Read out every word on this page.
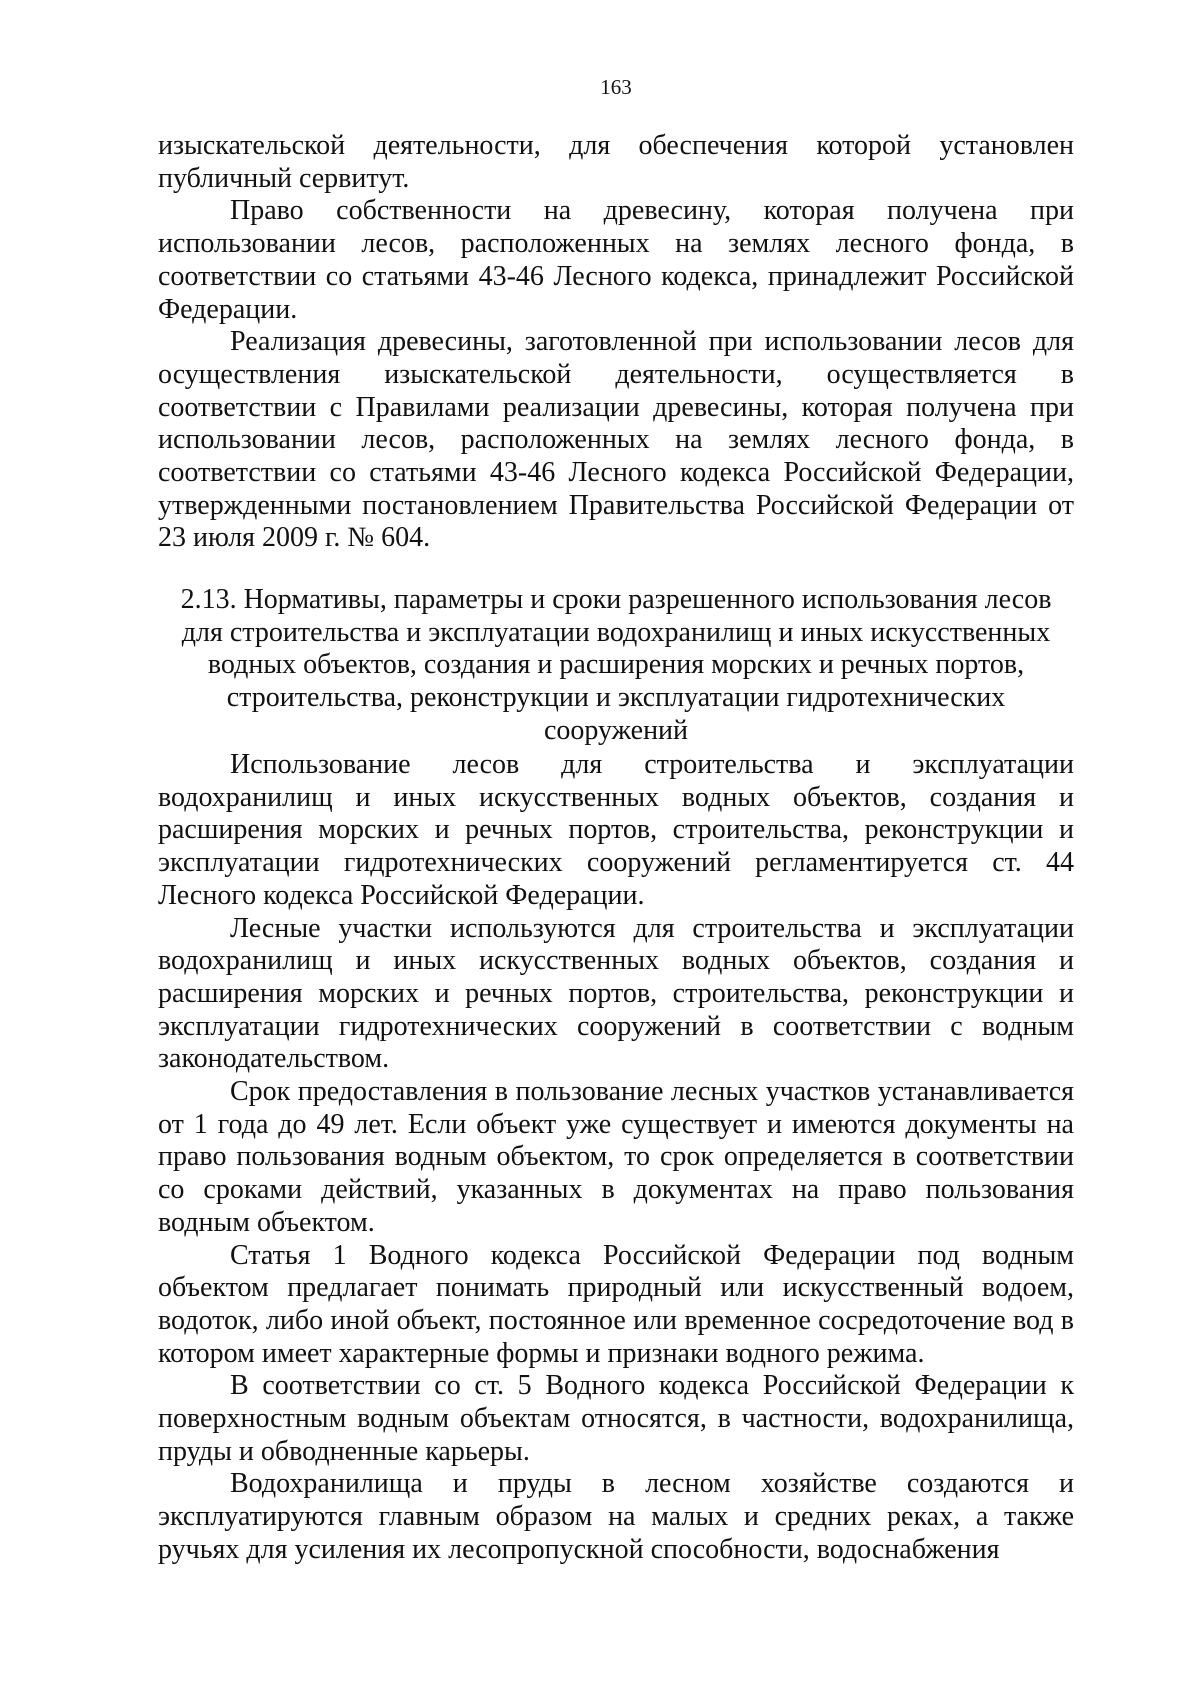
163

изыскательской деятельности, для обеспечения которой установлен публичный сервитут.

Право собственности на древесину, которая получена при использовании лесов, расположенных на землях лесного фонда, в соответствии со статьями 43-46 Лесного кодекса, принадлежит Российской Федерации.

Реализация древесины, заготовленной при использовании лесов для осуществления изыскательской деятельности, осуществляется в соответствии с Правилами реализации древесины, которая получена при использовании лесов, расположенных на землях лесного фонда, в соответствии со статьями 43-46 Лесного кодекса Российской Федерации, утвержденными постановлением Правительства Российской Федерации от 23 июля 2009 г. № 604.

2.13. Нормативы, параметры и сроки разрешенного использования лесов
для строительства и эксплуатации водохранилищ и иных искусственных
водных объектов, создания и расширения морских и речных портов,
строительства, реконструкции и эксплуатации гидротехнических
сооружений

Использование лесов для строительства и эксплуатации водохранилищ и иных искусственных водных объектов, создания и расширения морских и речных портов, строительства, реконструкции и эксплуатации гидротехнических сооружений регламентируется ст. 44 Лесного кодекса Российской Федерации.

Лесные участки используются для строительства и эксплуатации водохранилищ и иных искусственных водных объектов, создания и расширения морских и речных портов, строительства, реконструкции и эксплуатации гидротехнических сооружений в соответствии с водным законодательством.

Срок предоставления в пользование лесных участков устанавливается от 1 года до 49 лет. Если объект уже существует и имеются документы на право пользования водным объектом, то срок определяется в соответствии со сроками действий, указанных в документах на право пользования водным объектом.

Статья 1 Водного кодекса Российской Федерации под водным объектом предлагает понимать природный или искусственный водоем, водоток, либо иной объект, постоянное или временное сосредоточение вод в котором имеет характерные формы и признаки водного режима.

В соответствии со ст. 5 Водного кодекса Российской Федерации к поверхностным водным объектам относятся, в частности, водохранилища, пруды и обводненные карьеры.

Водохранилища и пруды в лесном хозяйстве создаются и эксплуатируются главным образом на малых и средних реках, а также ручьях для усиления их лесопропускной способности, водоснабжения
